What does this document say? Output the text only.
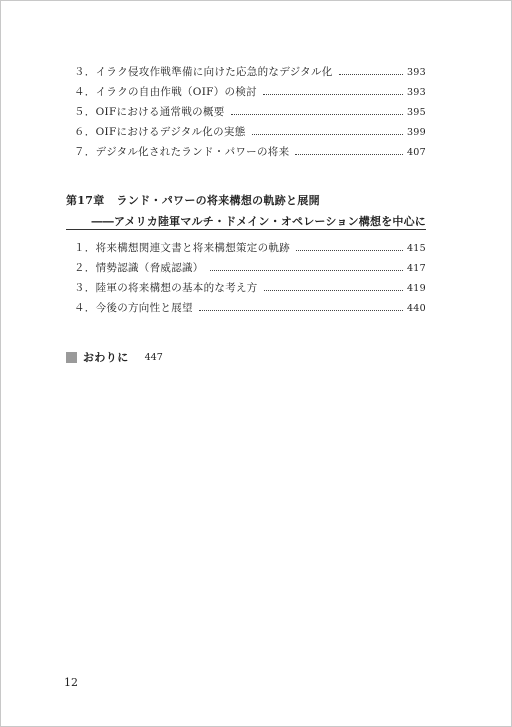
３．イラク侵攻作戦準備に向けた応急的なデジタル化	393
４．イラクの自由作戦（OIF）の検討	393
５．OIFにおける通常戦の概要	395
６．OIFにおけるデジタル化の実態	399
７．デジタル化されたランド・パワーの将来	407
第17章 ランド・パワーの将来構想の軌跡と展開
――アメリカ陸軍マルチ・ドメイン・オペレーション構想を中心に
１．将来構想関連文書と将来構想策定の軌跡	415
２．情勢認識（脅威認識）	417
３．陸軍の将来構想の基本的な考え方	419
４．今後の方向性と展望	440
おわりに 447
12
